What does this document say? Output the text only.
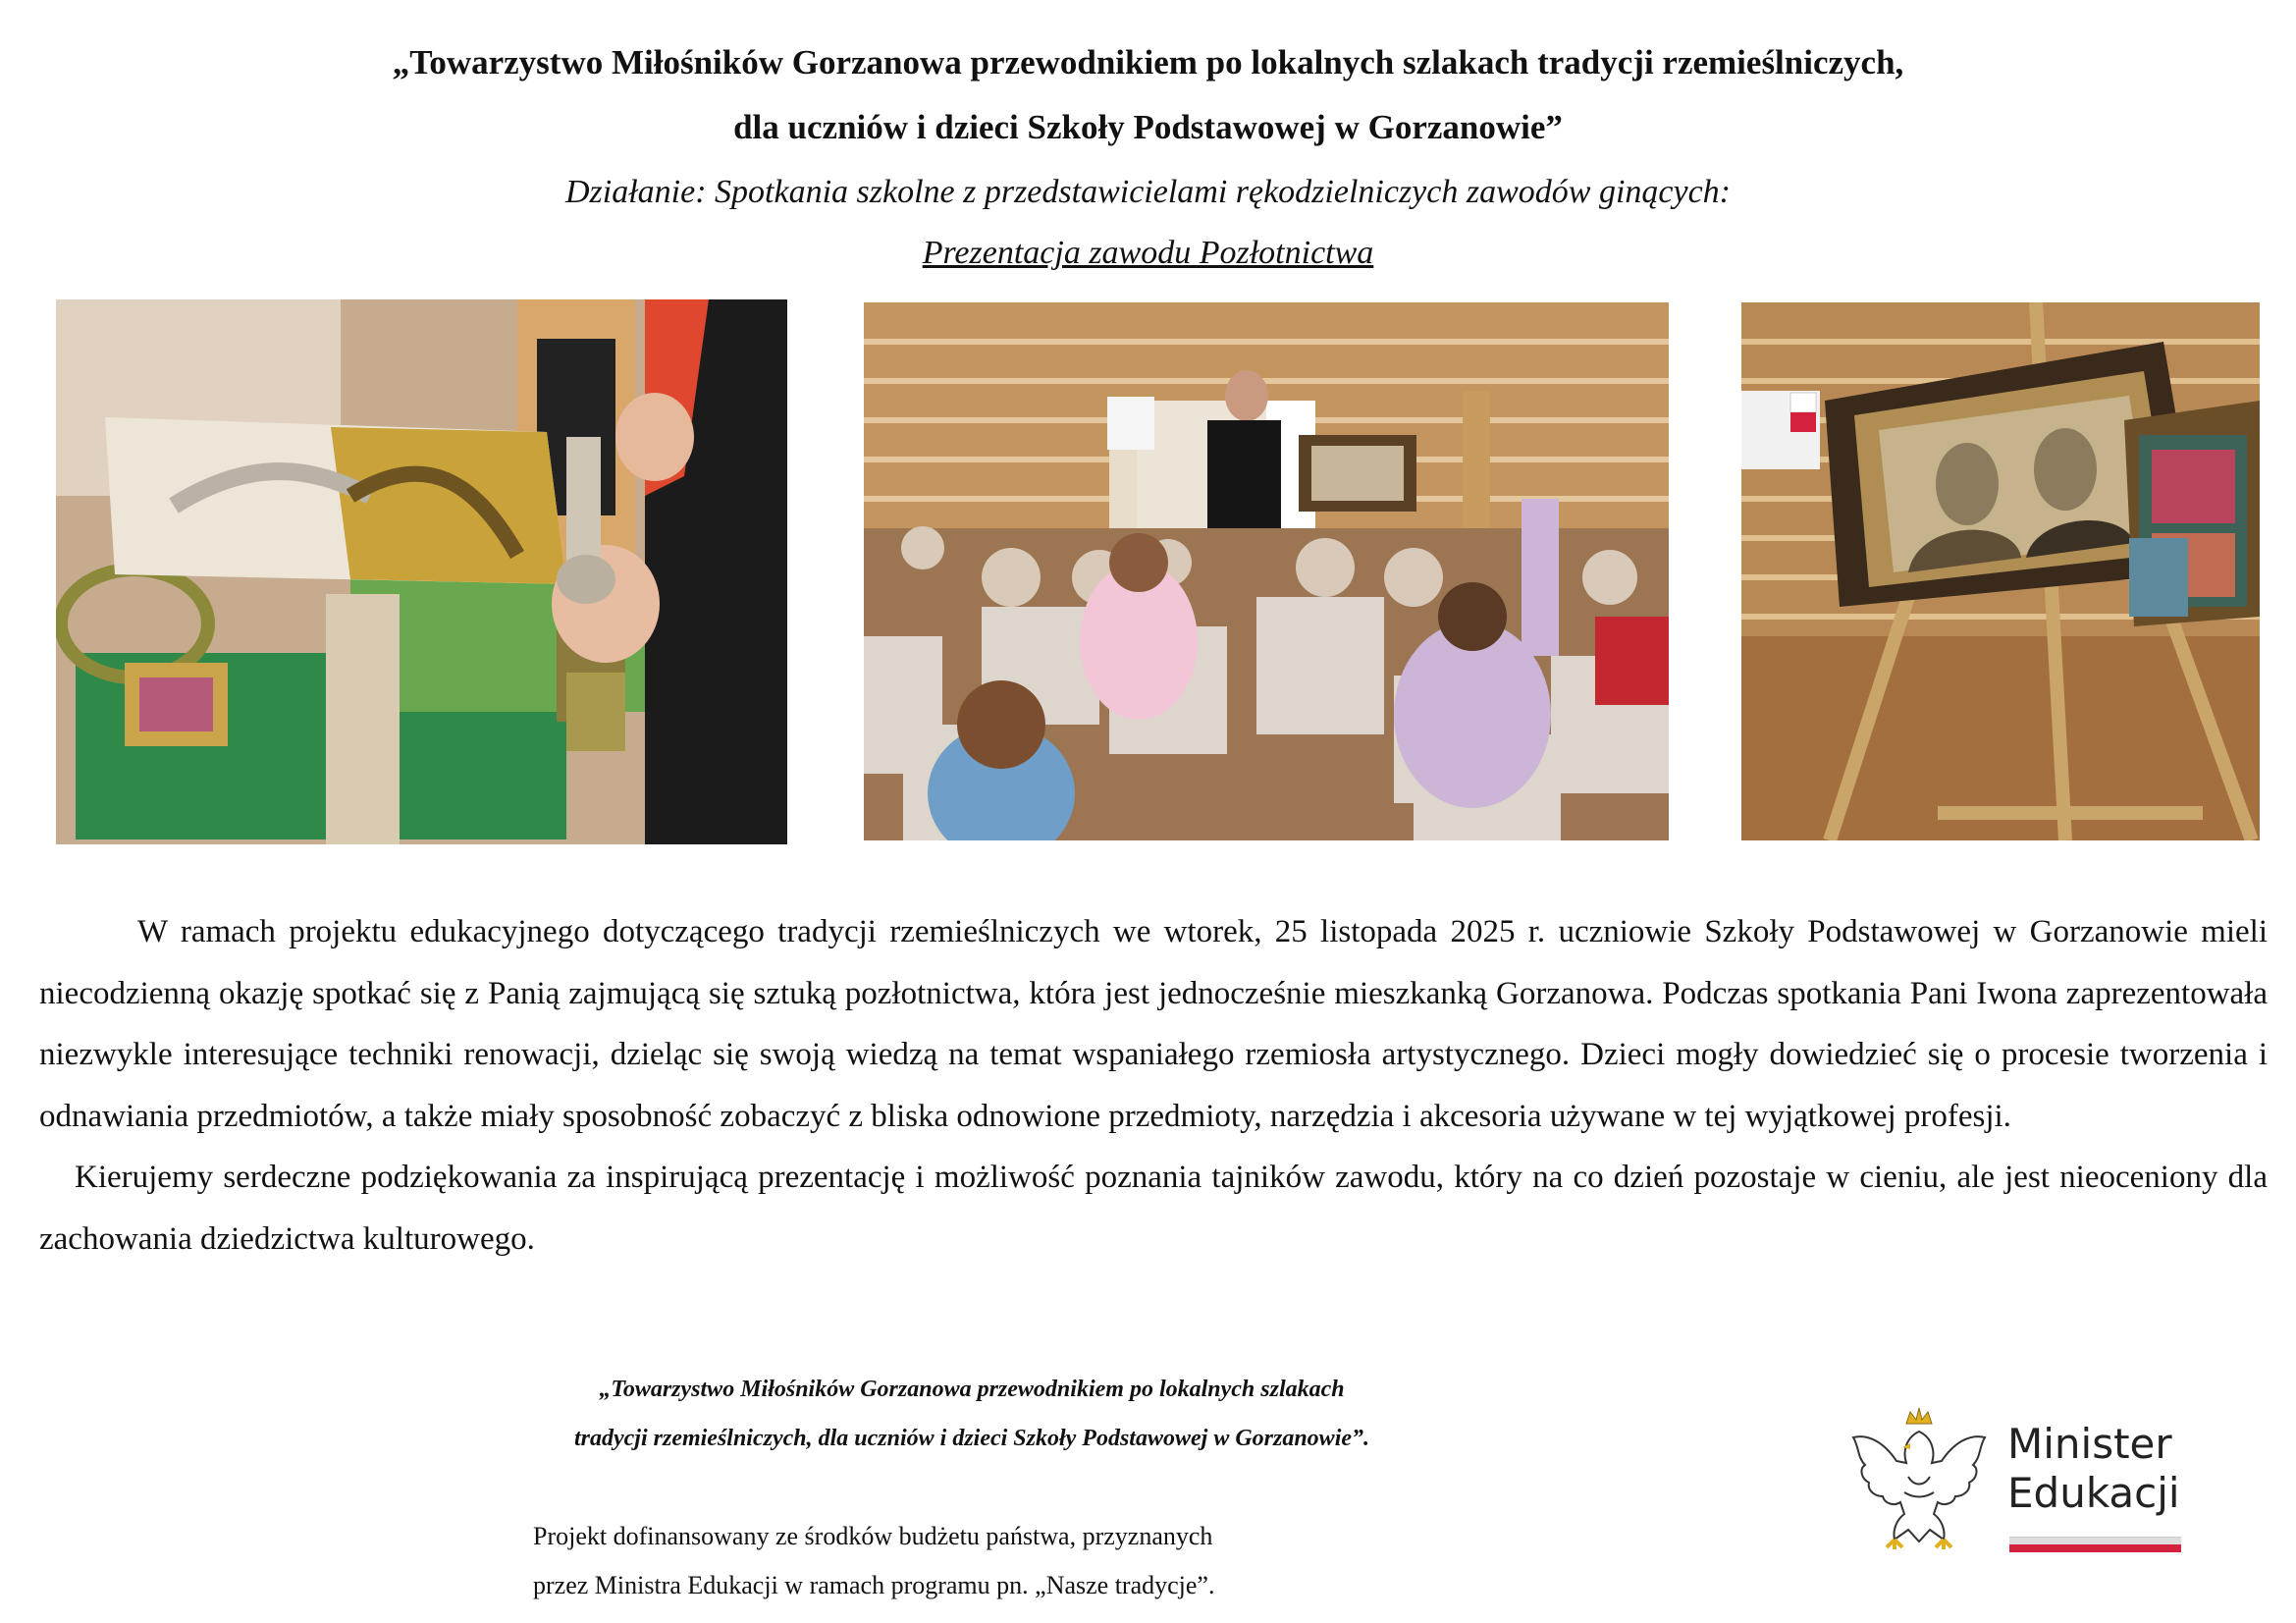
„Towarzystwo Miłośników Gorzanowa przewodnikiem po lokalnych szlakach tradycji rzemieślniczych,
dla uczniów i dzieci Szkoły Podstawowej w Gorzanowie”

Działanie: Spotkania szkolne z przedstawicielami rękodzielniczych zawodów ginących:

Prezentacja zawodu Pozłotnictwa

W ramach projektu edukacyjnego dotyczącego tradycji rzemieślniczych we wtorek, 25 listopada 2025 r. uczniowie Szkoły Podstawowej w Gorzanowie mieli niecodzienną okazję spotkać się z Panią zajmującą się sztuką pozłotnictwa, która jest jednocześnie mieszkanką Gorzanowa. Podczas spotkania Pani Iwona zaprezentowała niezwykle interesujące techniki renowacji, dzieląc się swoją wiedzą na temat wspaniałego rzemiosła artystycznego. Dzieci mogły dowiedzieć się o procesie tworzenia i odnawiania przedmiotów, a także miały sposobność zobaczyć z bliska odnowione przedmioty, narzędzia i akcesoria używane w tej wyjątkowej profesji.

Kierujemy serdeczne podziękowania za inspirującą prezentację i możliwość poznania tajników zawodu, który na co dzień pozostaje w cieniu, ale jest nieoceniony dla zachowania dziedzictwa kulturowego.

„Towarzystwo Miłośników Gorzanowa przewodnikiem po lokalnych szlakach
tradycji rzemieślniczych, dla uczniów i dzieci Szkoły Podstawowej w Gorzanowie”.
Projekt dofinansowany ze środków budżetu państwa, przyznanych
przez Ministra Edukacji w ramach programu pn. „Nasze tradycje”.
Minister
Edukacji
